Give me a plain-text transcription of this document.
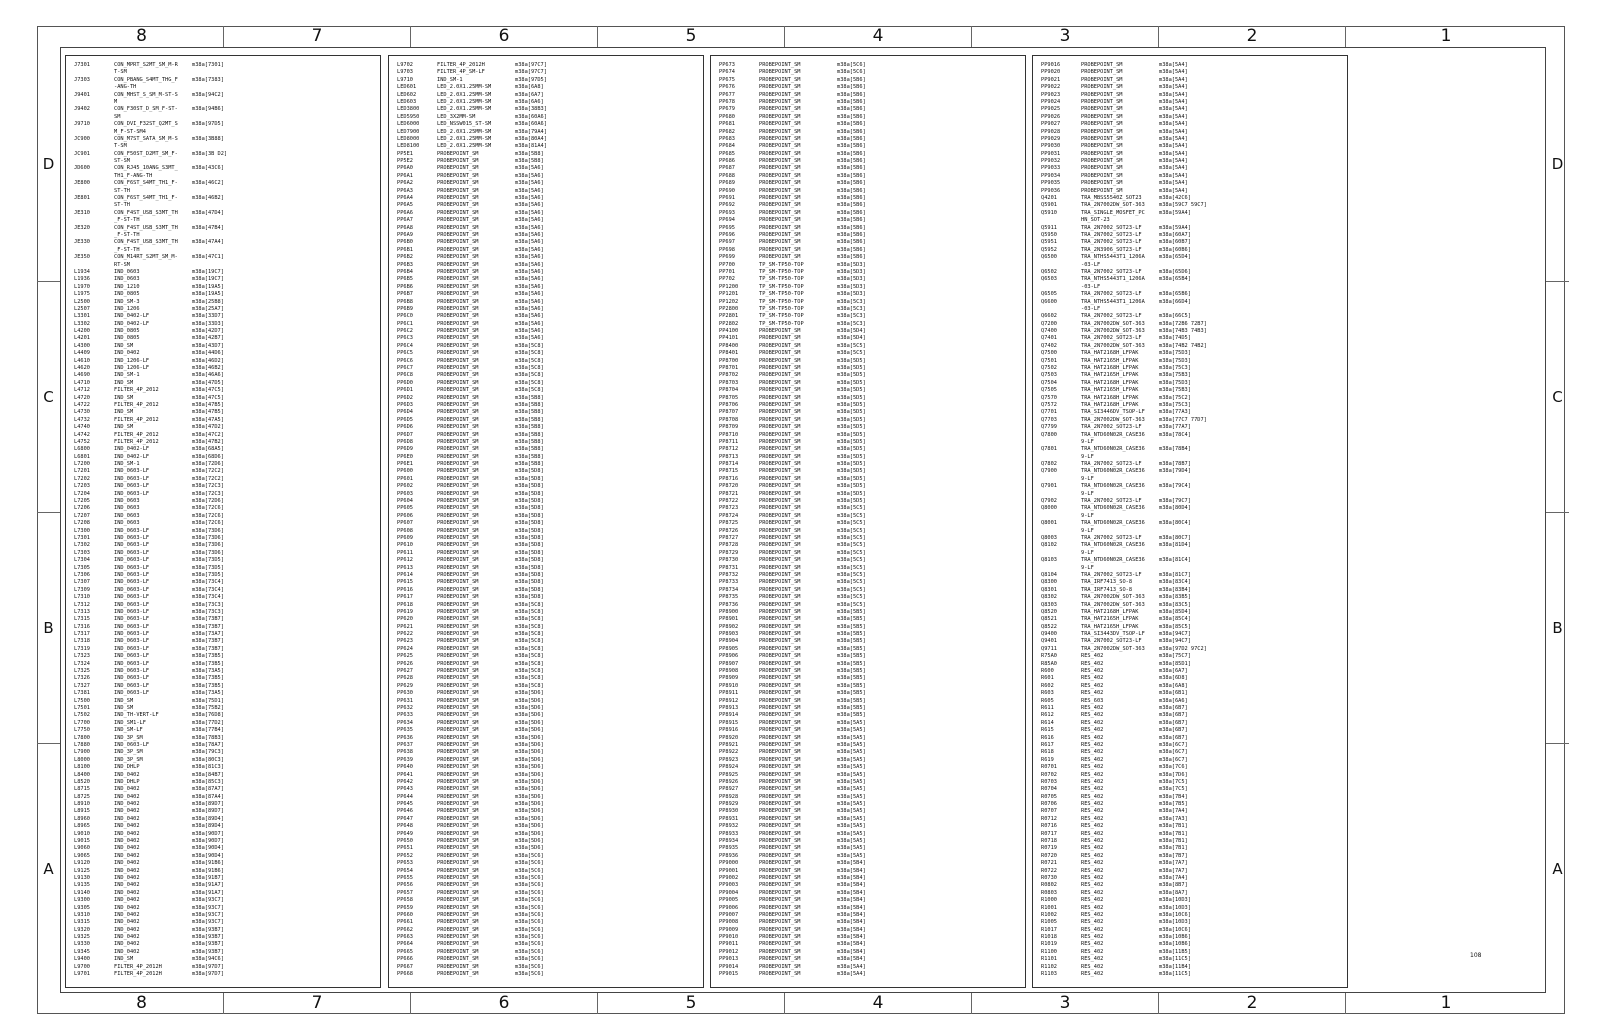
8	7	6	5	4	3	2	1
8	7	6	5	4	3	2	1
D
C
B
A
D
C
B
A
J7301	CON_MPRT_S2MT_SM_M-R	m38a[7301]
T-SM
J7303	CON_PBANG_S4MT_THG_F	m38a[7383]
-ANG-TH
J9401	CON_MHST_S_SM_M-ST-S	m38a[94C2]
M
J9402	CON_F30ST_D_SM_F-ST-	m38a[94B6]
SM
J9710	CON_DVI_F32ST_Q2MT_S	m38a[97D5]
M_F-ST-SM4
JC900	CON_M7ST_SATA_SM_M-S	m38a[3B88]
T-SM
JC901	CON_F50ST_D2MT_SM_F-	m38a[3B D2]
ST-SM
JD600	CON_RJ45_10ANG_S3MT_	m38a[43C6]
TH1_F-ANG-TH
JE800	CON_F6ST_S4MT_TH1_F-	m38a[46C2]
ST-TH
JE801	CON_F6ST_S4MT_TH1_F-	m38a[46B2]
ST-TH
JE310	CON_F4ST_USB_S3MT_TH	m38a[47D4]
_F-ST-TH
JE320	CON_F4ST_USB_S3MT_TH	m38a[47B4]
_F-ST-TH
JE330	CON_F4ST_USB_S3MT_TH	m38a[47A4]
_F-ST-TH
JE350	CON_M14RT_S2MT_SM_M-	m38a[47C1]
RT-SM
L1934	IND_0603	m38a[19C7]
L1936	IND_0603	m38a[19C7]
L1970	IND_1210	m38a[19A5]
L1975	IND_0805	m38a[19A5]
L2500	IND_SM-3	m38a[25B8]
L2507	IND_1206	m38a[25A7]
L3301	IND_0402-LF	m38a[33D7]
L3302	IND_0402-LF	m38a[33D3]
L4200	IND_0805	m38a[42D7]
L4201	IND_0805	m38a[42B7]
L4300	IND_SM	m38a[43D7]
L4409	IND_0402	m38a[44D6]
L4610	IND_1206-LF	m38a[46D2]
L4620	IND_1206-LF	m38a[46B2]
L4690	IND_SM-1	m38a[46A6]
L4710	IND_SM	m38a[47D5]
L4712	FILTER_4P_2012	m38a[47C5]
L4720	IND_SM	m38a[47C5]
L4722	FILTER_4P_2012	m38a[47B5]
L4730	IND_SM	m38a[47B5]
L4732	FILTER_4P_2012	m38a[47A5]
L4740	IND_SM	m38a[47D2]
L4742	FILTER_4P_2012	m38a[47C2]
L4752	FILTER_4P_2012	m38a[47B2]
L6800	IND_0402-LF	m38a[68A5]
L6801	IND_0402-LF	m38a[68D6]
L7200	IND_SM-1	m38a[72D6]
L7201	IND_0603-LF	m38a[72C2]
L7202	IND_0603-LF	m38a[72C2]
L7203	IND_0603-LF	m38a[72C3]
L7204	IND_0603-LF	m38a[72C3]
L7205	IND_0603	m38a[72D6]
L7206	IND_0603	m38a[72C6]
L7207	IND_0603	m38a[72C6]
L7208	IND_0603	m38a[72C6]
L7300	IND_0603-LF	m38a[73D6]
L7301	IND_0603-LF	m38a[73D6]
L7302	IND_0603-LF	m38a[73D6]
L7303	IND_0603-LF	m38a[73D6]
L7304	IND_0603-LF	m38a[73D5]
L7305	IND_0603-LF	m38a[73D5]
L7306	IND_0603-LF	m38a[73D5]
L7307	IND_0603-LF	m38a[73C4]
L7309	IND_0603-LF	m38a[73C4]
L7310	IND_0603-LF	m38a[73C4]
L7312	IND_0603-LF	m38a[73C3]
L7313	IND_0603-LF	m38a[73C3]
L7315	IND_0603-LF	m38a[73B7]
L7316	IND_0603-LF	m38a[73B7]
L7317	IND_0603-LF	m38a[73A7]
L7318	IND_0603-LF	m38a[73B7]
L7319	IND_0603-LF	m38a[73B7]
L7323	IND_0603-LF	m38a[73B5]
L7324	IND_0603-LF	m38a[73B5]
L7325	IND_0603-LF	m38a[73A5]
L7326	IND_0603-LF	m38a[73B5]
L7327	IND_0603-LF	m38a[73B5]
L7381	IND_0603-LF	m38a[73A5]
L7500	IND_SM	m38a[75D1]
L7501	IND_SM	m38a[75B2]
L7502	IND_TH-VERT-LF	m38a[76D8]
L7700	IND_SM1-LF	m38a[77D2]
L7750	IND_SM-LF	m38a[77B4]
L7800	IND_3P_SM	m38a[78B3]
L7880	IND_0603-LF	m38a[78A7]
L7900	IND_3P_SM	m38a[79C3]
L8000	IND_3P_SM	m38a[80C3]
L8100	IND_DHLP	m38a[81C3]
L8400	IND_0402	m38a[84B7]
L8520	IND_DHLP	m38a[85C3]
L8715	IND_0402	m38a[87A7]
L8725	IND_0402	m38a[87A4]
L8910	IND_0402	m38a[89D7]
L8915	IND_0402	m38a[89D7]
L8960	IND_0402	m38a[89D4]
L8965	IND_0402	m38a[89D4]
L9010	IND_0402	m38a[90D7]
L9015	IND_0402	m38a[90D7]
L9060	IND_0402	m38a[90D4]
L9065	IND_0402	m38a[90D4]
L9120	IND_0402	m38a[91B6]
L9125	IND_0402	m38a[91B6]
L9130	IND_0402	m38a[91B7]
L9135	IND_0402	m38a[91A7]
L9140	IND_0402	m38a[91A7]
L9300	IND_0402	m38a[93C7]
L9305	IND_0402	m38a[93C7]
L9310	IND_0402	m38a[93C7]
L9315	IND_0402	m38a[93C7]
L9320	IND_0402	m38a[93B7]
L9325	IND_0402	m38a[93B7]
L9330	IND_0402	m38a[93B7]
L9345	IND_0402	m38a[93B7]
L9400	IND_SM	m38a[94C6]
L9700	FILTER_4P_2012H	m38a[97D7]
L9701	FILTER_4P_2012H	m38a[97D7]
L9702	FILTER_4P_2012H	m38a[97C7]
L9703	FILTER_4P_SM-LF	m38a[97C7]
L9710	IND_SM-1	m38a[97D5]
LED601	LED_2.0X1.25MM-SM	m38a[6A8]
LED602	LED_2.0X1.25MM-SM	m38a[6A7]
LED603	LED_2.0X1.25MM-SM	m38a[6A6]
LED3800	LED_2.0X1.25MM-SM	m38a[38B3]
LED5950	LED_3X2MM-SM	m38a[60A6]
LED6000	LED_NSSW015_ST-SM	m38a[60A6]
LED7900	LED_2.0X1.25MM-SM	m38a[79A4]
LED8000	LED_2.0X1.25MM-SM	m38a[80A4]
LED8100	LED_2.0X1.25MM-SM	m38a[81A4]
PP5E1	PROBEPOINT_SM	m38a[5B8]
PP5E2	PROBEPOINT_SM	m38a[5B8]
PP6A0	PROBEPOINT_SM	m38a[5A6]
PP6A1	PROBEPOINT_SM	m38a[5A6]
PP6A2	PROBEPOINT_SM	m38a[5A6]
PP6A3	PROBEPOINT_SM	m38a[5A6]
PP6A4	PROBEPOINT_SM	m38a[5A6]
PP6A5	PROBEPOINT_SM	m38a[5A6]
PP6A6	PROBEPOINT_SM	m38a[5A6]
PP6A7	PROBEPOINT_SM	m38a[5A6]
PP6A8	PROBEPOINT_SM	m38a[5A6]
PP6A9	PROBEPOINT_SM	m38a[5A6]
PP6B0	PROBEPOINT_SM	m38a[5A6]
PP6B1	PROBEPOINT_SM	m38a[5A6]
PP6B2	PROBEPOINT_SM	m38a[5A6]
PP6B3	PROBEPOINT_SM	m38a[5A6]
PP6B4	PROBEPOINT_SM	m38a[5A6]
PP6B5	PROBEPOINT_SM	m38a[5A6]
PP6B6	PROBEPOINT_SM	m38a[5A6]
PP6B7	PROBEPOINT_SM	m38a[5A6]
PP6B8	PROBEPOINT_SM	m38a[5A6]
PP6B9	PROBEPOINT_SM	m38a[5A6]
PP6C0	PROBEPOINT_SM	m38a[5A6]
PP6C1	PROBEPOINT_SM	m38a[5A6]
PP6C2	PROBEPOINT_SM	m38a[5A6]
PP6C3	PROBEPOINT_SM	m38a[5A6]
PP6C4	PROBEPOINT_SM	m38a[5C8]
PP6C5	PROBEPOINT_SM	m38a[5C8]
PP6C6	PROBEPOINT_SM	m38a[5C8]
PP6C7	PROBEPOINT_SM	m38a[5C8]
PP6C8	PROBEPOINT_SM	m38a[5C8]
PP6D0	PROBEPOINT_SM	m38a[5C8]
PP6D1	PROBEPOINT_SM	m38a[5C8]
PP6D2	PROBEPOINT_SM	m38a[5B8]
PP6D3	PROBEPOINT_SM	m38a[5B8]
PP6D4	PROBEPOINT_SM	m38a[5B8]
PP6D5	PROBEPOINT_SM	m38a[5B8]
PP6D6	PROBEPOINT_SM	m38a[5B8]
PP6D7	PROBEPOINT_SM	m38a[5B8]
PP6D8	PROBEPOINT_SM	m38a[5B8]
PP6D9	PROBEPOINT_SM	m38a[5B8]
PP6E0	PROBEPOINT_SM	m38a[5B8]
PP6E1	PROBEPOINT_SM	m38a[5B8]
PP600	PROBEPOINT_SM	m38a[5D8]
PP601	PROBEPOINT_SM	m38a[5D8]
PP602	PROBEPOINT_SM	m38a[5D8]
PP603	PROBEPOINT_SM	m38a[5D8]
PP604	PROBEPOINT_SM	m38a[5D8]
PP605	PROBEPOINT_SM	m38a[5D8]
PP606	PROBEPOINT_SM	m38a[5D8]
PP607	PROBEPOINT_SM	m38a[5D8]
PP608	PROBEPOINT_SM	m38a[5D8]
PP609	PROBEPOINT_SM	m38a[5D8]
PP610	PROBEPOINT_SM	m38a[5D8]
PP611	PROBEPOINT_SM	m38a[5D8]
PP612	PROBEPOINT_SM	m38a[5D8]
PP613	PROBEPOINT_SM	m38a[5D8]
PP614	PROBEPOINT_SM	m38a[5D8]
PP615	PROBEPOINT_SM	m38a[5D8]
PP616	PROBEPOINT_SM	m38a[5D8]
PP617	PROBEPOINT_SM	m38a[5D8]
PP618	PROBEPOINT_SM	m38a[5C8]
PP619	PROBEPOINT_SM	m38a[5C8]
PP620	PROBEPOINT_SM	m38a[5C8]
PP621	PROBEPOINT_SM	m38a[5C8]
PP622	PROBEPOINT_SM	m38a[5C8]
PP623	PROBEPOINT_SM	m38a[5C8]
PP624	PROBEPOINT_SM	m38a[5C8]
PP625	PROBEPOINT_SM	m38a[5C8]
PP626	PROBEPOINT_SM	m38a[5C8]
PP627	PROBEPOINT_SM	m38a[5C8]
PP628	PROBEPOINT_SM	m38a[5C8]
PP629	PROBEPOINT_SM	m38a[5C8]
PP630	PROBEPOINT_SM	m38a[5D6]
PP631	PROBEPOINT_SM	m38a[5D6]
PP632	PROBEPOINT_SM	m38a[5D6]
PP633	PROBEPOINT_SM	m38a[5D6]
PP634	PROBEPOINT_SM	m38a[5D6]
PP635	PROBEPOINT_SM	m38a[5D6]
PP636	PROBEPOINT_SM	m38a[5D6]
PP637	PROBEPOINT_SM	m38a[5D6]
PP638	PROBEPOINT_SM	m38a[5D6]
PP639	PROBEPOINT_SM	m38a[5D6]
PP640	PROBEPOINT_SM	m38a[5D6]
PP641	PROBEPOINT_SM	m38a[5D6]
PP642	PROBEPOINT_SM	m38a[5D6]
PP643	PROBEPOINT_SM	m38a[5D6]
PP644	PROBEPOINT_SM	m38a[5D6]
PP645	PROBEPOINT_SM	m38a[5D6]
PP646	PROBEPOINT_SM	m38a[5D6]
PP647	PROBEPOINT_SM	m38a[5D6]
PP648	PROBEPOINT_SM	m38a[5D6]
PP649	PROBEPOINT_SM	m38a[5D6]
PP650	PROBEPOINT_SM	m38a[5D6]
PP651	PROBEPOINT_SM	m38a[5D6]
PP652	PROBEPOINT_SM	m38a[5C6]
PP653	PROBEPOINT_SM	m38a[5C6]
PP654	PROBEPOINT_SM	m38a[5C6]
PP655	PROBEPOINT_SM	m38a[5C6]
PP656	PROBEPOINT_SM	m38a[5C6]
PP657	PROBEPOINT_SM	m38a[5C6]
PP658	PROBEPOINT_SM	m38a[5C6]
PP659	PROBEPOINT_SM	m38a[5C6]
PP660	PROBEPOINT_SM	m38a[5C6]
PP661	PROBEPOINT_SM	m38a[5C6]
PP662	PROBEPOINT_SM	m38a[5C6]
PP663	PROBEPOINT_SM	m38a[5C6]
PP664	PROBEPOINT_SM	m38a[5C6]
PP665	PROBEPOINT_SM	m38a[5C6]
PP666	PROBEPOINT_SM	m38a[5C6]
PP667	PROBEPOINT_SM	m38a[5C6]
PP668	PROBEPOINT_SM	m38a[5C6]
PP673	PROBEPOINT_SM	m38a[5C6]
PP674	PROBEPOINT_SM	m38a[5C6]
PP675	PROBEPOINT_SM	m38a[5B6]
PP676	PROBEPOINT_SM	m38a[5B6]
PP677	PROBEPOINT_SM	m38a[5B6]
PP678	PROBEPOINT_SM	m38a[5B6]
PP679	PROBEPOINT_SM	m38a[5B6]
PP680	PROBEPOINT_SM	m38a[5B6]
PP681	PROBEPOINT_SM	m38a[5B6]
PP682	PROBEPOINT_SM	m38a[5B6]
PP683	PROBEPOINT_SM	m38a[5B6]
PP684	PROBEPOINT_SM	m38a[5B6]
PP685	PROBEPOINT_SM	m38a[5B6]
PP686	PROBEPOINT_SM	m38a[5B6]
PP687	PROBEPOINT_SM	m38a[5B6]
PP688	PROBEPOINT_SM	m38a[5B6]
PP689	PROBEPOINT_SM	m38a[5B6]
PP690	PROBEPOINT_SM	m38a[5B6]
PP691	PROBEPOINT_SM	m38a[5B6]
PP692	PROBEPOINT_SM	m38a[5B6]
PP693	PROBEPOINT_SM	m38a[5B6]
PP694	PROBEPOINT_SM	m38a[5B6]
PP695	PROBEPOINT_SM	m38a[5B6]
PP696	PROBEPOINT_SM	m38a[5B6]
PP697	PROBEPOINT_SM	m38a[5B6]
PP698	PROBEPOINT_SM	m38a[5B6]
PP699	PROBEPOINT_SM	m38a[5B6]
PP700	TP_SM-TP50-TOP	m38a[5D3]
PP701	TP_SM-TP50-TOP	m38a[5D3]
PP702	TP_SM-TP50-TOP	m38a[5D3]
PP1200	TP_SM-TP50-TOP	m38a[5D3]
PP1201	TP_SM-TP50-TOP	m38a[5D3]
PP1202	TP_SM-TP50-TOP	m38a[5C3]
PP2800	TP_SM-TP50-TOP	m38a[5C3]
PP2801	TP_SM-TP50-TOP	m38a[5C3]
PP2802	TP_SM-TP50-TOP	m38a[5C3]
PP4100	PROBEPOINT_SM	m38a[5D4]
PP4101	PROBEPOINT_SM	m38a[5D4]
PP8400	PROBEPOINT_SM	m38a[5C5]
PP8401	PROBEPOINT_SM	m38a[5C5]
PP8700	PROBEPOINT_SM	m38a[5D5]
PP8701	PROBEPOINT_SM	m38a[5D5]
PP8702	PROBEPOINT_SM	m38a[5D5]
PP8703	PROBEPOINT_SM	m38a[5D5]
PP8704	PROBEPOINT_SM	m38a[5D5]
PP8705	PROBEPOINT_SM	m38a[5D5]
PP8706	PROBEPOINT_SM	m38a[5D5]
PP8707	PROBEPOINT_SM	m38a[5D5]
PP8708	PROBEPOINT_SM	m38a[5D5]
PP8709	PROBEPOINT_SM	m38a[5D5]
PP8710	PROBEPOINT_SM	m38a[5D5]
PP8711	PROBEPOINT_SM	m38a[5D5]
PP8712	PROBEPOINT_SM	m38a[5D5]
PP8713	PROBEPOINT_SM	m38a[5D5]
PP8714	PROBEPOINT_SM	m38a[5D5]
PP8715	PROBEPOINT_SM	m38a[5D5]
PP8716	PROBEPOINT_SM	m38a[5D5]
PP8720	PROBEPOINT_SM	m38a[5D5]
PP8721	PROBEPOINT_SM	m38a[5D5]
PP8722	PROBEPOINT_SM	m38a[5D5]
PP8723	PROBEPOINT_SM	m38a[5C5]
PP8724	PROBEPOINT_SM	m38a[5C5]
PP8725	PROBEPOINT_SM	m38a[5C5]
PP8726	PROBEPOINT_SM	m38a[5C5]
PP8727	PROBEPOINT_SM	m38a[5C5]
PP8728	PROBEPOINT_SM	m38a[5C5]
PP8729	PROBEPOINT_SM	m38a[5C5]
PP8730	PROBEPOINT_SM	m38a[5C5]
PP8731	PROBEPOINT_SM	m38a[5C5]
PP8732	PROBEPOINT_SM	m38a[5C5]
PP8733	PROBEPOINT_SM	m38a[5C5]
PP8734	PROBEPOINT_SM	m38a[5C5]
PP8735	PROBEPOINT_SM	m38a[5C5]
PP8736	PROBEPOINT_SM	m38a[5C5]
PP8900	PROBEPOINT_SM	m38a[5B5]
PP8901	PROBEPOINT_SM	m38a[5B5]
PP8902	PROBEPOINT_SM	m38a[5B5]
PP8903	PROBEPOINT_SM	m38a[5B5]
PP8904	PROBEPOINT_SM	m38a[5B5]
PP8905	PROBEPOINT_SM	m38a[5B5]
PP8906	PROBEPOINT_SM	m38a[5B5]
PP8907	PROBEPOINT_SM	m38a[5B5]
PP8908	PROBEPOINT_SM	m38a[5B5]
PP8909	PROBEPOINT_SM	m38a[5B5]
PP8910	PROBEPOINT_SM	m38a[5B5]
PP8911	PROBEPOINT_SM	m38a[5B5]
PP8912	PROBEPOINT_SM	m38a[5B5]
PP8913	PROBEPOINT_SM	m38a[5B5]
PP8914	PROBEPOINT_SM	m38a[5B5]
PP8915	PROBEPOINT_SM	m38a[5A5]
PP8916	PROBEPOINT_SM	m38a[5A5]
PP8920	PROBEPOINT_SM	m38a[5A5]
PP8921	PROBEPOINT_SM	m38a[5A5]
PP8922	PROBEPOINT_SM	m38a[5A5]
PP8923	PROBEPOINT_SM	m38a[5A5]
PP8924	PROBEPOINT_SM	m38a[5A5]
PP8925	PROBEPOINT_SM	m38a[5A5]
PP8926	PROBEPOINT_SM	m38a[5A5]
PP8927	PROBEPOINT_SM	m38a[5A5]
PP8928	PROBEPOINT_SM	m38a[5A5]
PP8929	PROBEPOINT_SM	m38a[5A5]
PP8930	PROBEPOINT_SM	m38a[5A5]
PP8931	PROBEPOINT_SM	m38a[5A5]
PP8932	PROBEPOINT_SM	m38a[5A5]
PP8933	PROBEPOINT_SM	m38a[5A5]
PP8934	PROBEPOINT_SM	m38a[5A5]
PP8935	PROBEPOINT_SM	m38a[5A5]
PP8936	PROBEPOINT_SM	m38a[5A5]
PP9000	PROBEPOINT_SM	m38a[5B4]
PP9001	PROBEPOINT_SM	m38a[5B4]
PP9002	PROBEPOINT_SM	m38a[5B4]
PP9003	PROBEPOINT_SM	m38a[5B4]
PP9004	PROBEPOINT_SM	m38a[5B4]
PP9005	PROBEPOINT_SM	m38a[5B4]
PP9006	PROBEPOINT_SM	m38a[5B4]
PP9007	PROBEPOINT_SM	m38a[5B4]
PP9008	PROBEPOINT_SM	m38a[5B4]
PP9009	PROBEPOINT_SM	m38a[5B4]
PP9010	PROBEPOINT_SM	m38a[5B4]
PP9011	PROBEPOINT_SM	m38a[5B4]
PP9012	PROBEPOINT_SM	m38a[5B4]
PP9013	PROBEPOINT_SM	m38a[5B4]
PP9014	PROBEPOINT_SM	m38a[5A4]
PP9015	PROBEPOINT_SM	m38a[5A4]
PP9016	PROBEPOINT_SM	m38a[5A4]
PP9020	PROBEPOINT_SM	m38a[5A4]
PP9021	PROBEPOINT_SM	m38a[5A4]
PP9022	PROBEPOINT_SM	m38a[5A4]
PP9023	PROBEPOINT_SM	m38a[5A4]
PP9024	PROBEPOINT_SM	m38a[5A4]
PP9025	PROBEPOINT_SM	m38a[5A4]
PP9026	PROBEPOINT_SM	m38a[5A4]
PP9027	PROBEPOINT_SM	m38a[5A4]
PP9028	PROBEPOINT_SM	m38a[5A4]
PP9029	PROBEPOINT_SM	m38a[5A4]
PP9030	PROBEPOINT_SM	m38a[5A4]
PP9031	PROBEPOINT_SM	m38a[5A4]
PP9032	PROBEPOINT_SM	m38a[5A4]
PP9033	PROBEPOINT_SM	m38a[5A4]
PP9034	PROBEPOINT_SM	m38a[5A4]
PP9035	PROBEPOINT_SM	m38a[5A4]
PP9036	PROBEPOINT_SM	m38a[5A4]
Q4201	TRA_MBSS5540Z_SOT23	m38a[42C6]
Q5901	TRA_2N7002DW_SOT-363	m38a[59C7 59C7]
Q5910	TRA_SINGLE_MOSFET_PC	m38a[59A4]
HN_SOT-23
Q5911	TRA_2N7002_SOT23-LF	m38a[59A4]
Q5950	TRA_2N7002_SOT23-LF	m38a[60A7]
Q5951	TRA_2N7002_SOT23-LF	m38a[60B7]
Q5952	TRA_2N3906_SOT23-LF	m38a[60B6]
Q6500	TRA_NTHS5443T1_1206A	m38a[65D4]
-03-LF
Q6502	TRA_2N7002_SOT23-LF	m38a[65D6]
Q6503	TRA_NTHS5443T1_1206A	m38a[65B4]
-03-LF
Q6505	TRA_2N7002_SOT23-LF	m38a[65B6]
Q6600	TRA_NTHS5443T1_1206A	m38a[66D4]
-03-LF
Q6602	TRA_2N7002_SOT23-LF	m38a[66C5]
Q7200	TRA_2N7002DW_SOT-363	m38a[72B6 72B7]
Q7400	TRA_2N7002DW_SOT-363	m38a[74B3 74B3]
Q7401	TRA_2N7002_SOT23-LF	m38a[74D5]
Q7402	TRA_2N7002DW_SOT-363	m38a[74B2 74B2]
Q7500	TRA_HAT2168H_LFPAK	m38a[75D3]
Q7501	TRA_HAT2165H_LFPAK	m38a[75D3]
Q7502	TRA_HAT2168H_LFPAK	m38a[75C3]
Q7503	TRA_HAT2165H_LFPAK	m38a[75B3]
Q7504	TRA_HAT2168H_LFPAK	m38a[75D3]
Q7505	TRA_HAT2165H_LFPAK	m38a[75B3]
Q7570	TRA_HAT2168H_LFPAK	m38a[75C2]
Q7572	TRA_HAT2168H_LFPAK	m38a[75C3]
Q7701	TRA_SI3446DV_TSOP-LF	m38a[77A3]
Q7703	TRA_2N7002DW_SOT-363	m38a[77C7 77D7]
Q7799	TRA_2N7002_SOT23-LF	m38a[77A7]
Q7800	TRA_NTD60N02R_CASE36	m38a[78C4]
9-LF
Q7801	TRA_NTD60N02R_CASE36	m38a[78B4]
9-LF
Q7802	TRA_2N7002_SOT23-LF	m38a[78B7]
Q7900	TRA_NTD60N02R_CASE36	m38a[79D4]
9-LF
Q7901	TRA_NTD60N02R_CASE36	m38a[79C4]
9-LF
Q7902	TRA_2N7002_SOT23-LF	m38a[79C7]
Q8000	TRA_NTD60N02R_CASE36	m38a[80D4]
9-LF
Q8001	TRA_NTD60N02R_CASE36	m38a[80C4]
9-LF
Q8003	TRA_2N7002_SOT23-LF	m38a[80C7]
Q8102	TRA_NTD60N02R_CASE36	m38a[81D4]
9-LF
Q8103	TRA_NTD60N02R_CASE36	m38a[81C4]
9-LF
Q8104	TRA_2N7002_SOT23-LF	m38a[81C7]
Q8300	TRA_IRF7413_SO-8	m38a[83C4]
Q8301	TRA_IRF7413_SO-8	m38a[83B4]
Q8302	TRA_2N7002DW_SOT-363	m38a[83B5]
Q8303	TRA_2N7002DW_SOT-363	m38a[83C5]
Q8520	TRA_HAT2168H_LFPAK	m38a[85D4]
Q8521	TRA_HAT2165H_LFPAK	m38a[85C4]
Q8522	TRA_HAT2165H_LFPAK	m38a[85C5]
Q9400	TRA_SI3443DV_TSOP-LF	m38a[94C7]
Q9401	TRA_2N7002_SOT23-LF	m38a[94C7]
Q9711	TRA_2N7002DW_SOT-363	m38a[97D2 97C2]
R75A0	RES_402	m38a[75C7]
R85A0	RES_402	m38a[85D1]
R600	RES_402	m38a[6A7]
R601	RES_402	m38a[6D8]
R602	RES_402	m38a[6A8]
R603	RES_402	m38a[6B1]
R605	RES_603	m38a[6A6]
R611	RES_402	m38a[6B7]
R612	RES_402	m38a[6B7]
R614	RES_402	m38a[6B7]
R615	RES_402	m38a[6B7]
R616	RES_402	m38a[6B7]
R617	RES_402	m38a[6C7]
R618	RES_402	m38a[6C7]
R619	RES_402	m38a[6C7]
R0701	RES_402	m38a[7C6]
R0702	RES_402	m38a[7D6]
R0703	RES_402	m38a[7C5]
R0704	RES_402	m38a[7C5]
R0705	RES_402	m38a[7B4]
R0706	RES_402	m38a[7B5]
R0707	RES_402	m38a[7A4]
R0712	RES_402	m38a[7A3]
R0716	RES_402	m38a[7B1]
R0717	RES_402	m38a[7B1]
R0718	RES_402	m38a[7B1]
R0719	RES_402	m38a[7B1]
R0720	RES_402	m38a[7B7]
R0721	RES_402	m38a[7A7]
R0722	RES_402	m38a[7A7]
R0730	RES_402	m38a[7A4]
R0802	RES_402	m38a[8B7]
R0803	RES_402	m38a[8A7]
R1000	RES_402	m38a[10D3]
R1001	RES_402	m38a[10D3]
R1002	RES_402	m38a[10C6]
R1005	RES_402	m38a[10D3]
R1017	RES_402	m38a[10C6]
R1018	RES_402	m38a[10B6]
R1019	RES_402	m38a[10B6]
R1100	RES_402	m38a[11B5]
R1101	RES_402	m38a[11C5]
R1102	RES_402	m38a[11B4]
R1103	RES_402	m38a[11C5]
108
